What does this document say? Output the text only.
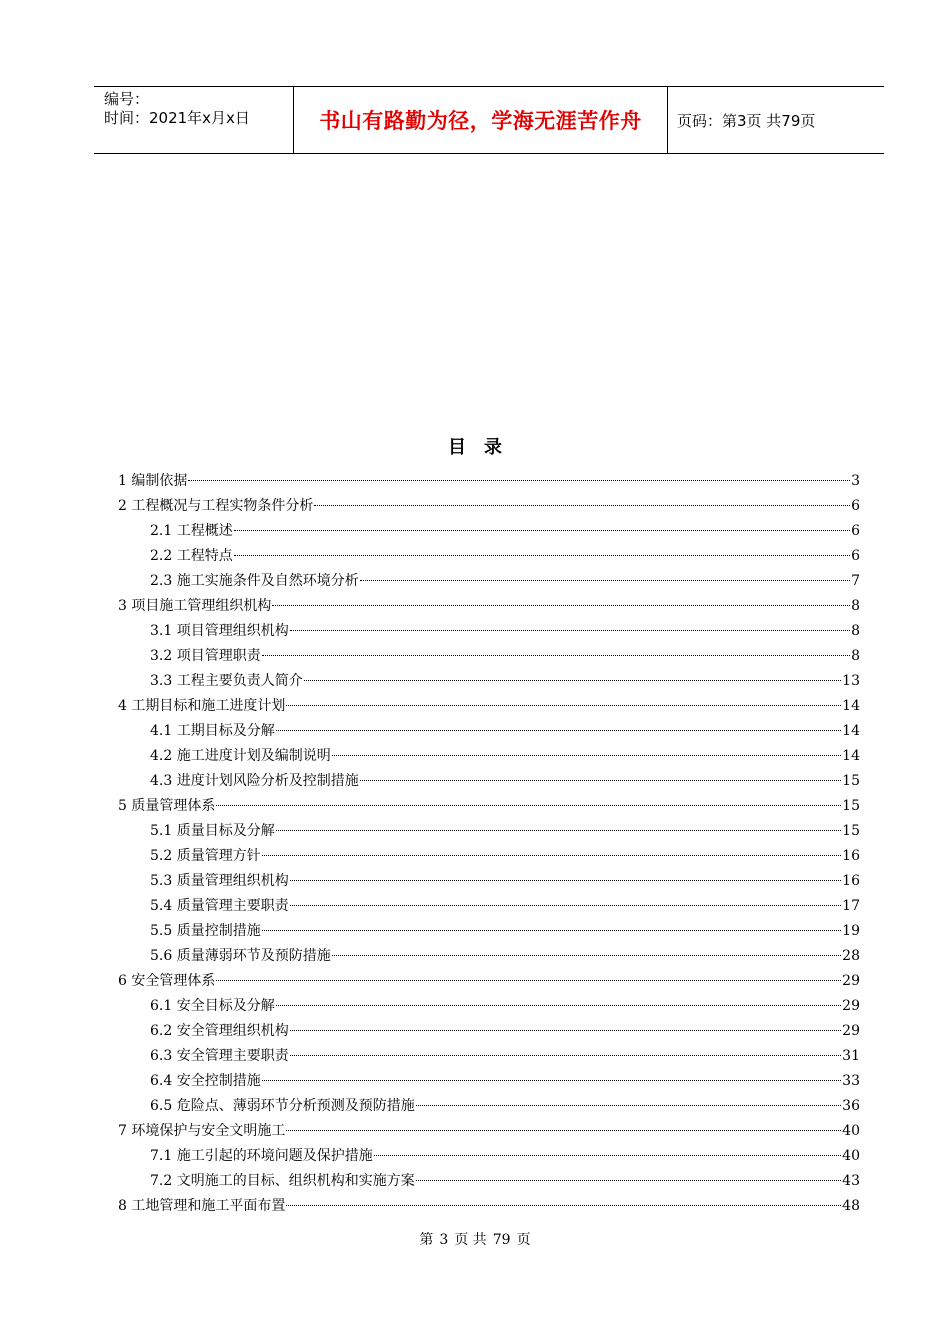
编号：
时间：2021年x月x日	书山有路勤为径，学海无涯苦作舟	页码：第3页 共79页
目录
1 编制依据	3
2 工程概况与工程实物条件分析	6
2.1 工程概述	6
2.2 工程特点	6
2.3 施工实施条件及自然环境分析	7
3 项目施工管理组织机构	8
3.1 项目管理组织机构	8
3.2 项目管理职责	8
3.3 工程主要负责人简介	13
4 工期目标和施工进度计划	14
4.1 工期目标及分解	14
4.2 施工进度计划及编制说明	14
4.3 进度计划风险分析及控制措施	15
5 质量管理体系	15
5.1 质量目标及分解	15
5.2 质量管理方针	16
5.3 质量管理组织机构	16
5.4 质量管理主要职责	17
5.5 质量控制措施	19
5.6 质量薄弱环节及预防措施	28
6 安全管理体系	29
6.1 安全目标及分解	29
6.2 安全管理组织机构	29
6.3 安全管理主要职责	31
6.4 安全控制措施	33
6.5 危险点、薄弱环节分析预测及预防措施	36
7 环境保护与安全文明施工	40
7.1 施工引起的环境问题及保护措施	40
7.2 文明施工的目标、组织机构和实施方案	43
8 工地管理和施工平面布置	48
第 3 页 共 79 页
